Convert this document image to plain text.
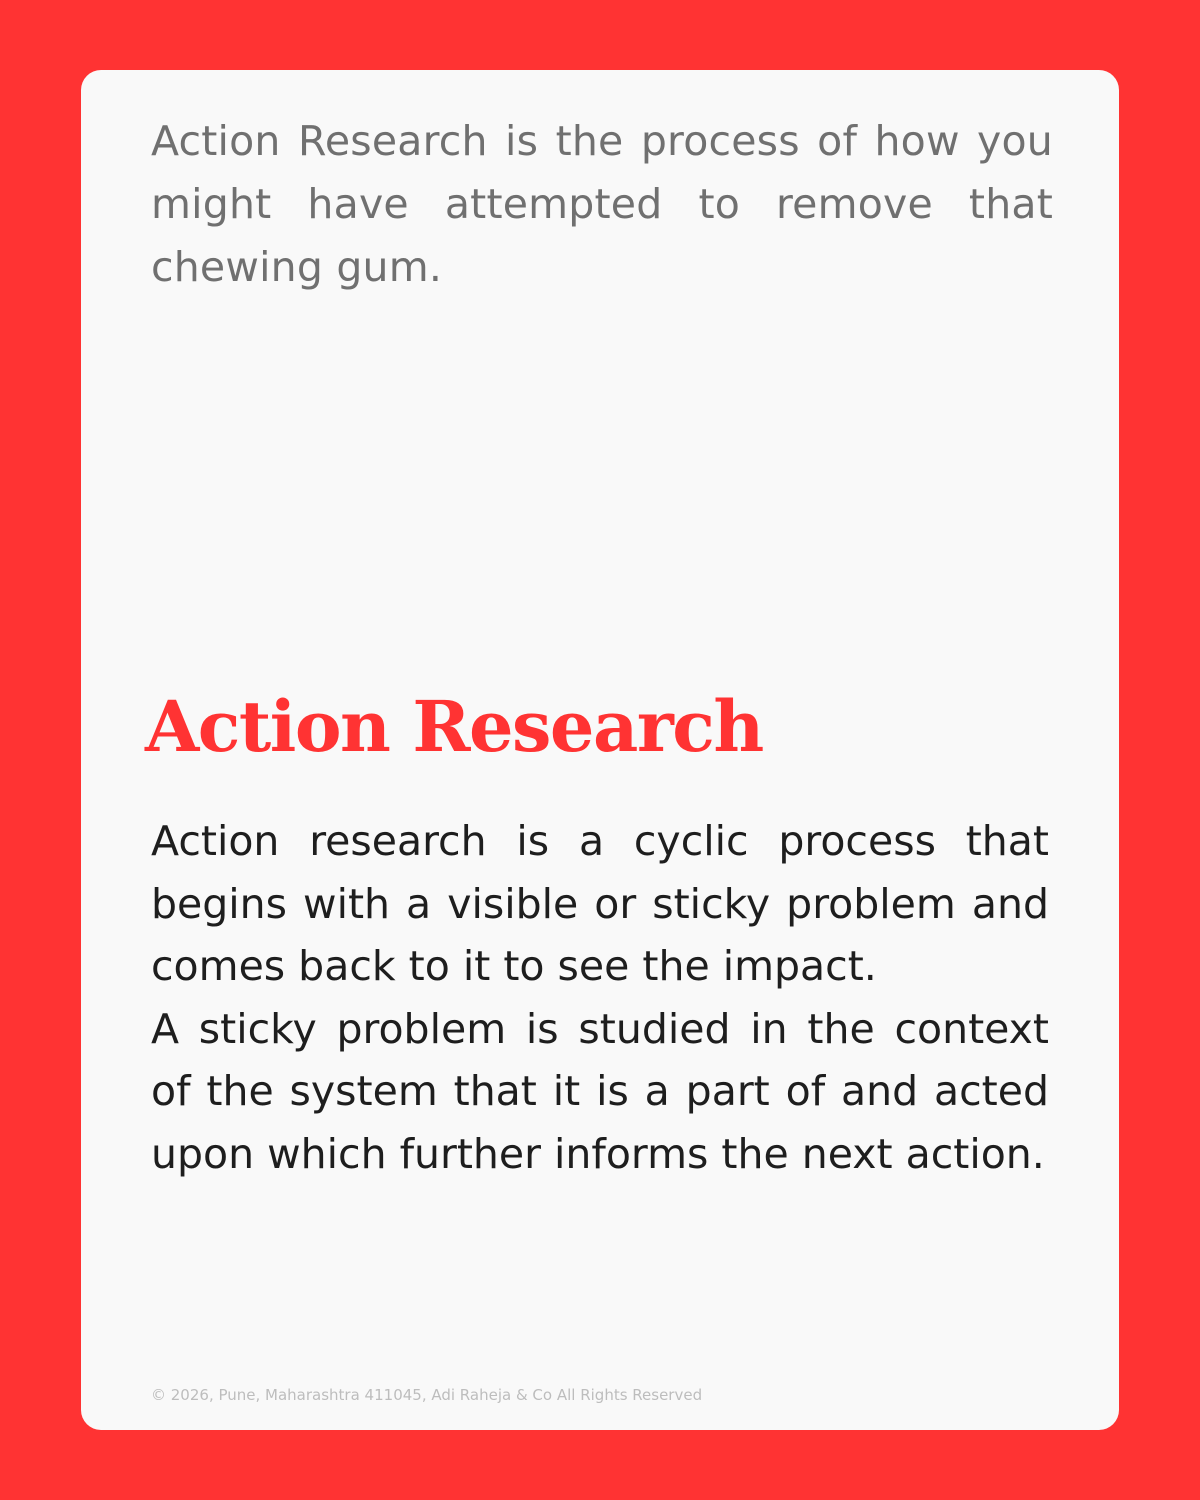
Action Research is the process of how you might have attempted to remove that chewing gum.

Action Research

Action research is a cyclic process that begins with a visible or sticky problem and comes back to it to see the impact.

A sticky problem is studied in the context of the system that it is a part of and acted upon which further informs the next action.

© 2026, Pune, Maharashtra 411045, Adi Raheja & Co All Rights Reserved
